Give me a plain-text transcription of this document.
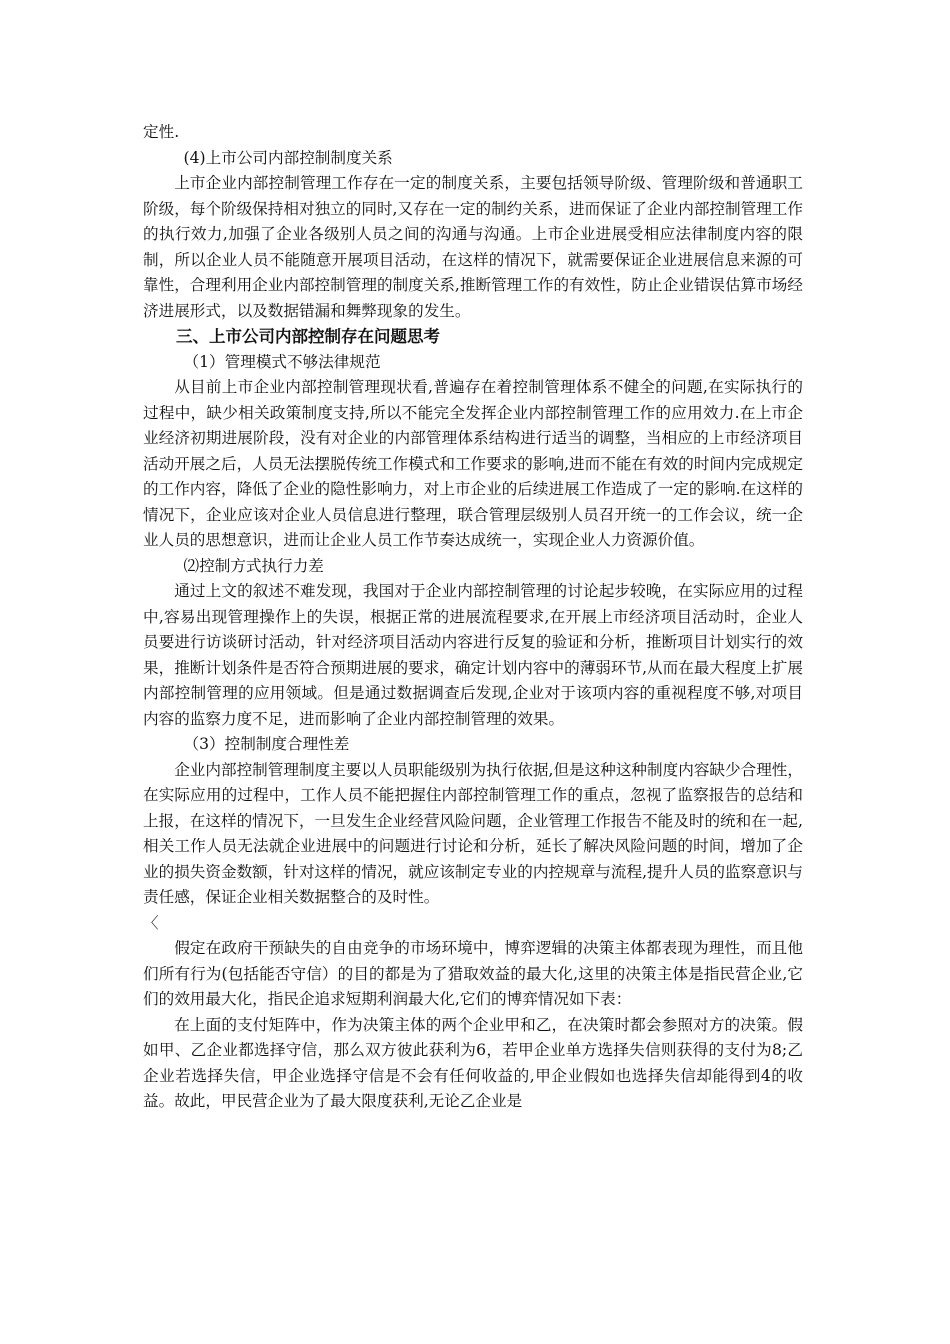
定性.

(4)上市公司内部控制制度关系

上市企业内部控制管理工作存在一定的制度关系，主要包括领导阶级、管理阶级和普通职工阶级，每个阶级保持相对独立的同时,又存在一定的制约关系，进而保证了企业内部控制管理工作的执行效力,加强了企业各级别人员之间的沟通与沟通。上市企业进展受相应法律制度内容的限制，所以企业人员不能随意开展项目活动，在这样的情况下，就需要保证企业进展信息来源的可靠性，合理利用企业内部控制管理的制度关系,推断管理工作的有效性，防止企业错误估算市场经济进展形式，以及数据错漏和舞弊现象的发生。

三、上市公司内部控制存在问题思考

（1）管理模式不够法律规范

从目前上市企业内部控制管理现状看,普遍存在着控制管理体系不健全的问题,在实际执行的过程中，缺少相关政策制度支持,所以不能完全发挥企业内部控制管理工作的应用效力.在上市企业经济初期进展阶段，没有对企业的内部管理体系结构进行适当的调整，当相应的上市经济项目活动开展之后，人员无法摆脱传统工作模式和工作要求的影响,进而不能在有效的时间内完成规定的工作内容，降低了企业的隐性影响力，对上市企业的后续进展工作造成了一定的影响.在这样的情况下，企业应该对企业人员信息进行整理，联合管理层级别人员召开统一的工作会议，统一企业人员的思想意识，进而让企业人员工作节奏达成统一，实现企业人力资源价值。

⑵控制方式执行力差

通过上文的叙述不难发现，我国对于企业内部控制管理的讨论起步较晚，在实际应用的过程中,容易出现管理操作上的失误，根据正常的进展流程要求,在开展上市经济项目活动时，企业人员要进行访谈研讨活动，针对经济项目活动内容进行反复的验证和分析，推断项目计划实行的效果，推断计划条件是否符合预期进展的要求，确定计划内容中的薄弱环节,从而在最大程度上扩展内部控制管理的应用领域。但是通过数据调查后发现,企业对于该项内容的重视程度不够,对项目内容的监察力度不足，进而影响了企业内部控制管理的效果。

（3）控制制度合理性差

企业内部控制管理制度主要以人员职能级别为执行依据,但是这种这种制度内容缺少合理性，在实际应用的过程中，工作人员不能把握住内部控制管理工作的重点，忽视了监察报告的总结和上报，在这样的情况下，一旦发生企业经营风险问题，企业管理工作报告不能及时的统和在一起,相关工作人员无法就企业进展中的问题进行讨论和分析，延长了解决风险问题的时间，增加了企业的损失资金数额，针对这样的情况，就应该制定专业的内控规章与流程,提升人员的监察意识与责任感，保证企业相关数据整合的及时性。

〈

假定在政府干预缺失的自由竞争的市场环境中，博弈逻辑的决策主体都表现为理性，而且他们所有行为(包括能否守信）的目的都是为了猎取效益的最大化,这里的决策主体是指民营企业,它们的效用最大化，指民企追求短期利润最大化,它们的博弈情况如下表：

在上面的支付矩阵中，作为决策主体的两个企业甲和乙，在决策时都会参照对方的决策。假如甲、乙企业都选择守信，那么双方彼此获利为6，若甲企业单方选择失信则获得的支付为8;乙企业若选择失信，甲企业选择守信是不会有任何收益的,甲企业假如也选择失信却能得到4的收益。故此，甲民营企业为了最大限度获利,无论乙企业是
